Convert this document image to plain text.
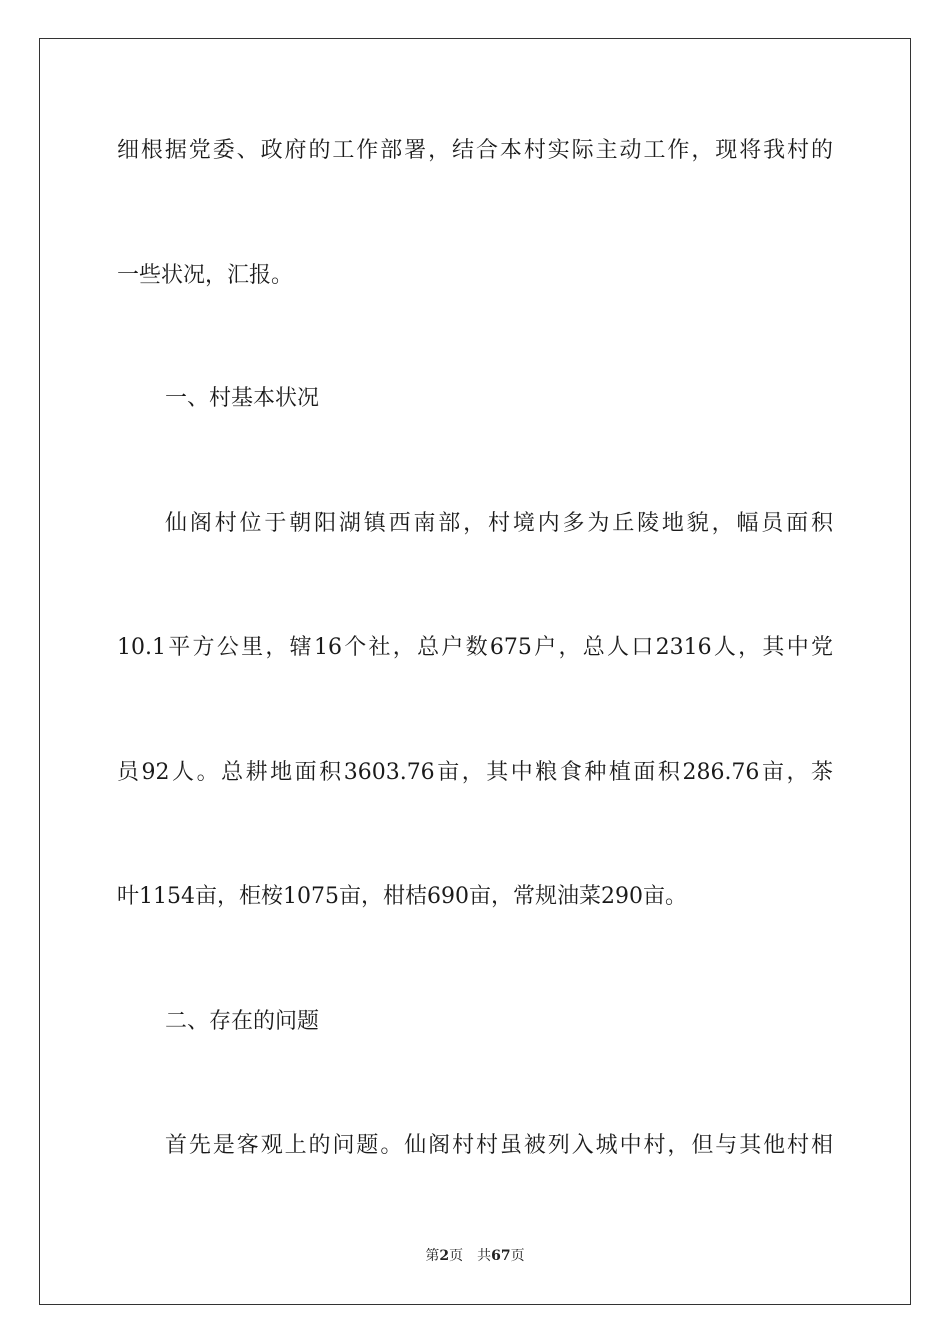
细根据党委、政府的工作部署，结合本村实际主动工作，现将我村的
一些状况，汇报。
一、村基本状况
仙阁村位于朝阳湖镇西南部，村境内多为丘陵地貌，幅员面积
10.1平方公里，辖16个社，总户数675户，总人口2316人，其中党
员92人。总耕地面积3603.76亩，其中粮食种植面积286.76亩，茶
叶1154亩，柜桉1075亩，柑桔690亩，常规油菜290亩。
二、存在的问题
首先是客观上的问题。仙阁村村虽被列入城中村，但与其他村相
第2页 共67页
